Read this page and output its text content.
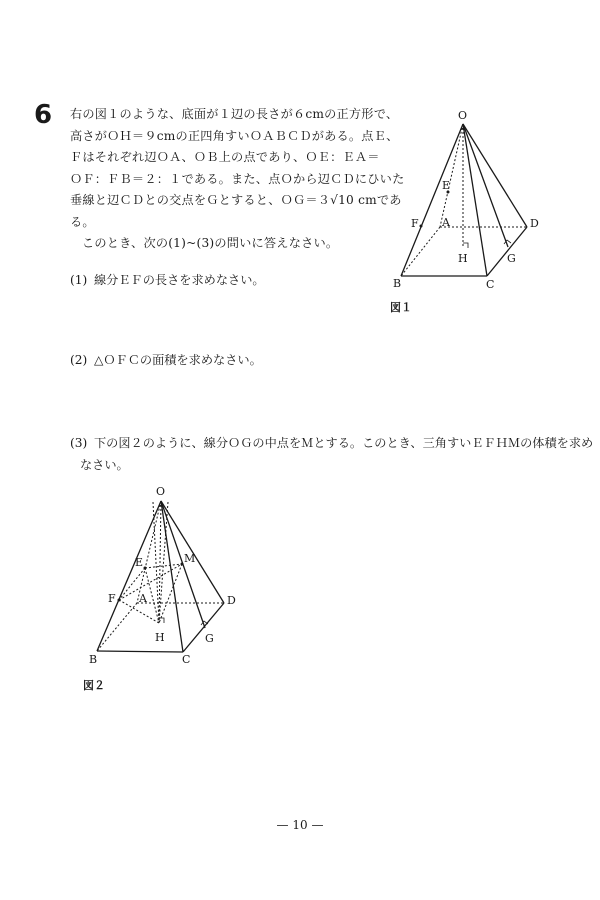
6 右の図１のような、底面が１辺の長さが６cmの正方形で、
高さがＯＨ＝９cmの正四角すいＯＡＢＣＤがある。点Ｅ、
Ｆはそれぞれ辺ＯＡ、ＯＢ上の点であり、ＯＥ：ＥＡ＝
ＯＦ：ＦＢ＝２：１である。また、点Ｏから辺ＣＤにひいた
垂線と辺ＣＤとの交点をＧとすると、ＯＧ＝３√10 cmであ
る。
このとき、次の(1)~(3)の問いに答えなさい。
(1) 線分ＥＦの長さを求めなさい。
(2) △ＯＦＣの面積を求めなさい。
(3) 下の図２のように、線分ＯＧの中点をＭとする。このとき、三角すいＥＦＨＭの体積を求め
なさい。
O
E
F A	D
H	G
B	C
O
E	M
F A	D
H	G
B	C
図１
図２
— 10 —
